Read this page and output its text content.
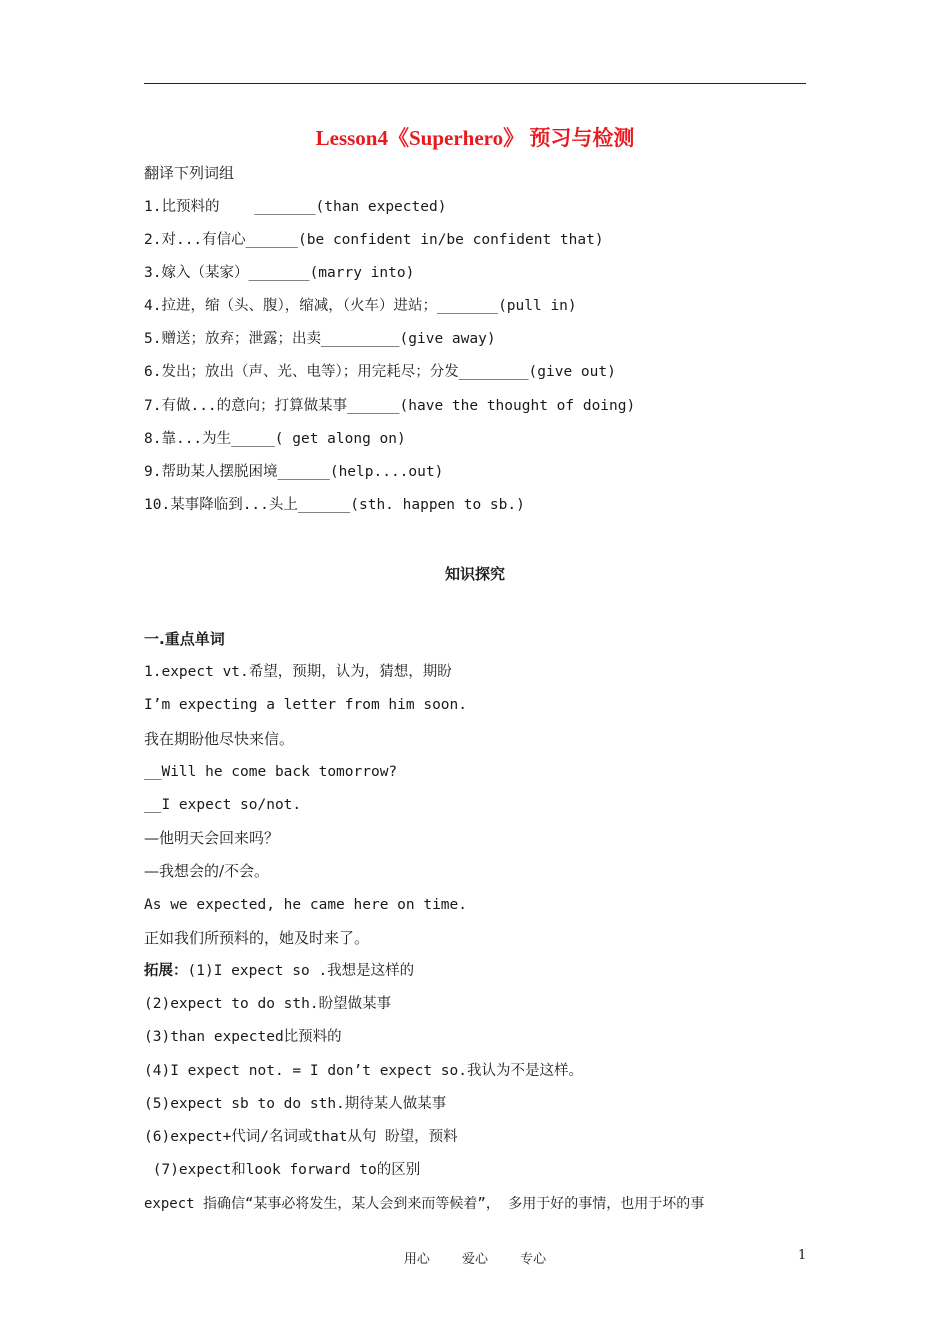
Lesson4《Superhero》 预习与检测
翻译下列词组
1.比预料的    _______(than expected)
2.对...有信心______(be confident in/be confident that)
3.嫁入（某家）_______(marry into)
4.拉进，缩（头、腹），缩减，（火车）进站；_______(pull in)
5.赠送；放弃；泄露；出卖_________(give away)
6.发出；放出（声、光、电等）；用完耗尽；分发________(give out)
7.有做...的意向；打算做某事______(have the thought of doing)
8.靠...为生_____( get along on)
9.帮助某人摆脱困境______(help....out)
10.某事降临到...头上______(sth. happen to sb.)
知识探究
一.重点单词
1.expect vt.希望，预期，认为，猜想，期盼
I’m expecting a letter from him soon.
我在期盼他尽快来信。
__Will he come back tomorrow?
__I expect so/not.
—他明天会回来吗？
—我想会的/不会。
As we expected, he came here on time.
正如我们所预料的，她及时来了。
拓展：(1)I expect so .我想是这样的
(2)expect to do sth.盼望做某事
(3)than expected比预料的
(4)I expect not. = I don’t expect so.我认为不是这样。
(5)expect sb to do sth.期待某人做某事
(6)expect+代词/名词或that从句 盼望，预料
(7)expect和look forward to的区别
expect 指确信“某事必将发生，某人会到来而等候着”， 多用于好的事情，也用于坏的事
用心 爱心 专心	1
